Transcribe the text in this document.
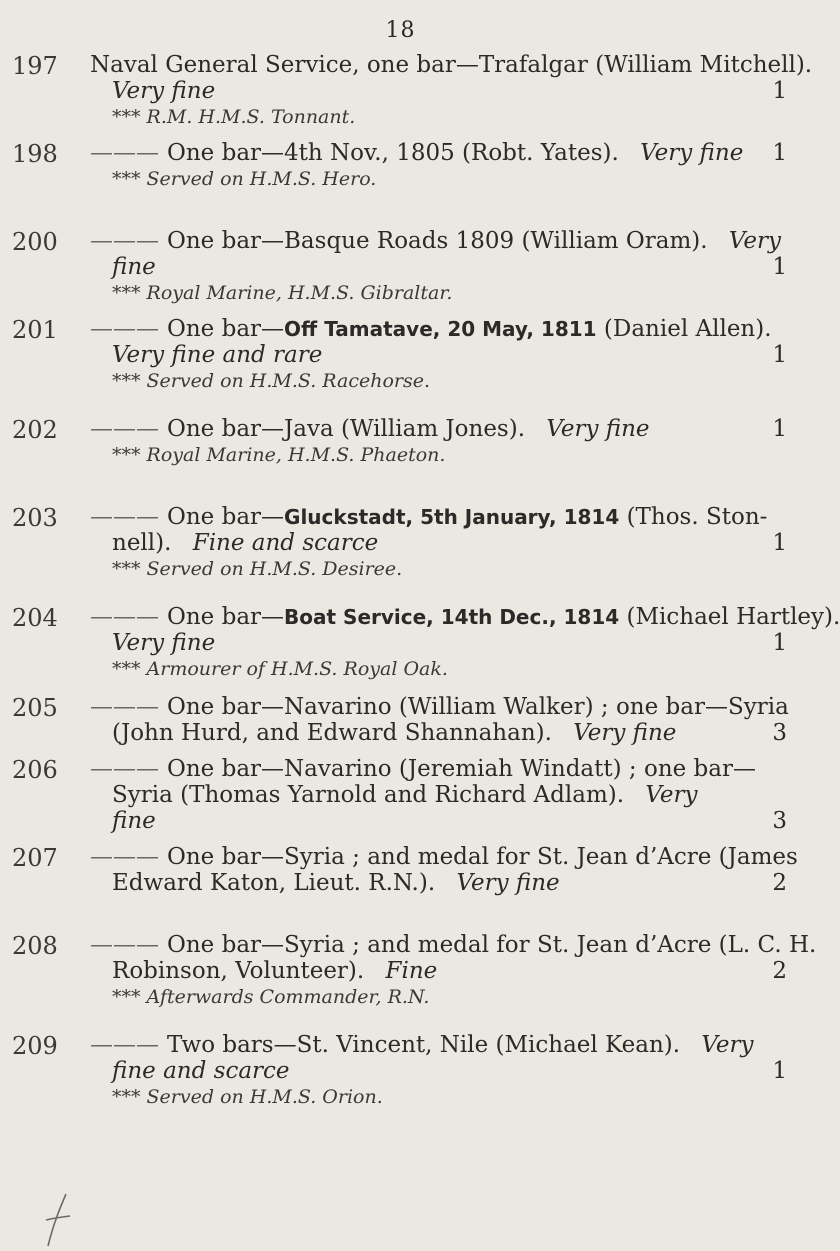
18
197 Naval General Service, one bar—Trafalgar (William Mitchell).
Very fine	1
*** R.M. H.M.S. Tonnant.
198 ——— One bar—4th Nov., 1805 (Robt. Yates). Very fine 1
*** Served on H.M.S. Hero.
200 ——— One bar—Basque Roads 1809 (William Oram). Very
fine	1
*** Royal Marine, H.M.S. Gibraltar.
201 ——— One bar—Off Tamatave, 20 May, 1811 (Daniel Allen).
Very fine and rare	1
*** Served on H.M.S. Racehorse.
202 ——— One bar—Java (William Jones). Very fine	1
*** Royal Marine, H.M.S. Phaeton.
203 ——— One bar—Gluckstadt, 5th January, 1814 (Thos. Ston-
nell). Fine and scarce	1
*** Served on H.M.S. Desiree.
204 ——— One bar—Boat Service, 14th Dec., 1814 (Michael Hartley).
Very fine	1
*** Armourer of H.M.S. Royal Oak.
205 ——— One bar—Navarino (William Walker) ; one bar—Syria
(John Hurd, and Edward Shannahan). Very fine	3
206 ——— One bar—Navarino (Jeremiah Windatt) ; one bar—
Syria (Thomas Yarnold and Richard Adlam). Very
fine	3
207 ——— One bar—Syria ; and medal for St. Jean d’Acre (James
Edward Katon, Lieut. R.N.). Very fine	2
208 ——— One bar—Syria ; and medal for St. Jean d’Acre (L. C. H.
Robinson, Volunteer). Fine	2
*** Afterwards Commander, R.N.
209 ——— Two bars—St. Vincent, Nile (Michael Kean). Very
fine and scarce	1
*** Served on H.M.S. Orion.
